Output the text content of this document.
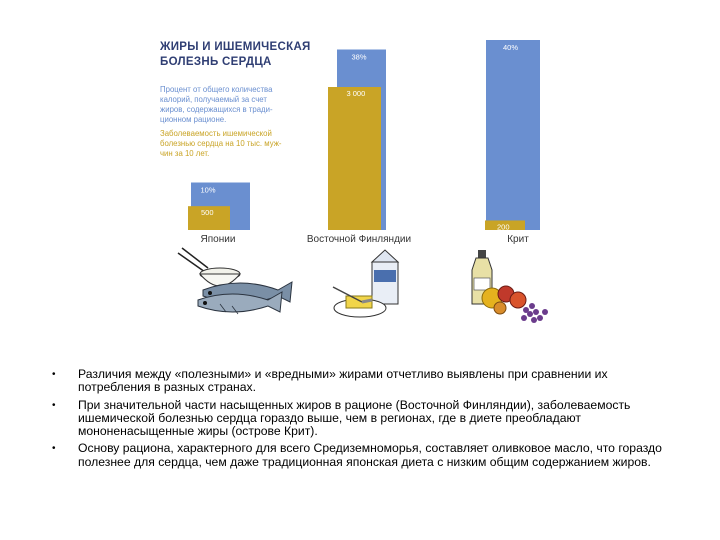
ЖИРЫ И ИШЕМИЧЕСКАЯ БОЛЕЗНЬ СЕРДЦА
Процент от общего количества калорий, получаемый за счет жиров, содержащихся в тради- ционном рационе.
Заболеваемость ишемической болезнью сердца на 10 тыс. муж- чин за 10 лет.
10%
500
38%
3 000
40%
200
Японии	Восточной Финляндии	Крит
• Различия между «полезными» и «вредными» жирами отчетливо выявлены при сравнении их потребления в разных странах.
• При значительной части насыщенных жиров в рационе (Восточной Финляндии), заболеваемость ишемической болезнью сердца гораздо выше, чем в регионах, где в диете преобладают мононенасыщенные жиры (острове Крит).
• Основу рациона, характерного для всего Средиземноморья, составляет оливковое масло, что гораздо полезнее для сердца, чем даже традиционная японская диета с низким общим содержанием жиров.
